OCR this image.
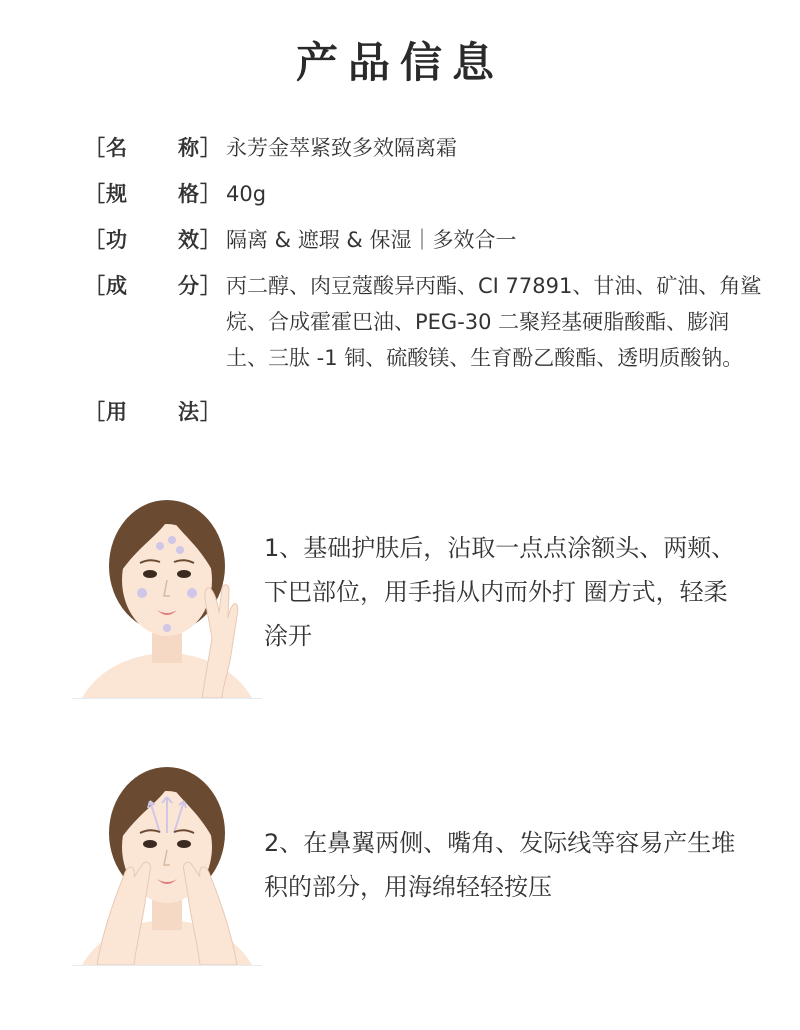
产品信息
［名 称］ 永芳金萃紧致多效隔离霜
［规 格］ 40g
［功 效］ 隔离 & 遮瑕 & 保湿｜多效合一
［成 分］ 丙二醇、肉豆蔻酸异丙酯、CI 77891、甘油、矿油、角鲨烷、合成霍霍巴油、PEG-30 二聚羟基硬脂酸酯、膨润土、三肽 -1 铜、硫酸镁、生育酚乙酸酯、透明质酸钠。
［用 法］
1、基础护肤后，沾取一点点涂额头、两颊、下巴部位，用手指从内而外打 圈方式，轻柔涂开
2、在鼻翼两侧、嘴角、发际线等容易产生堆积的部分，用海绵轻轻按压
